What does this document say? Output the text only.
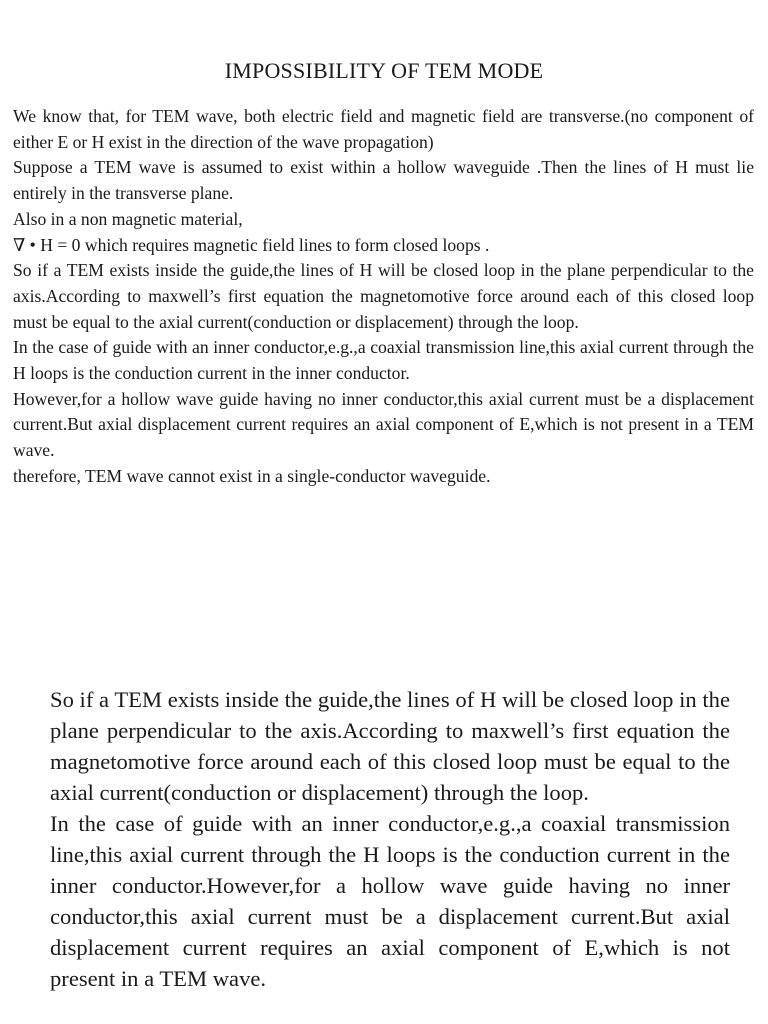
IMPOSSIBILITY OF TEM MODE

We know that, for TEM wave, both electric field and magnetic field are transverse.(no component of either E or H exist in the direction of the wave propagation)

Suppose a TEM wave is assumed to exist within a hollow waveguide .Then the lines of H must lie entirely in the transverse plane.

Also in a non magnetic material,

∇ • H = 0 which requires magnetic field lines to form closed loops .

So if a TEM exists inside the guide,the lines of H will be closed loop in the plane perpendicular to the axis.According to maxwell’s first equation the magnetomotive force around each of this closed loop must be equal to the axial current(conduction or displacement) through the loop.

In the case of guide with an inner conductor,e.g.,a coaxial transmission line,this axial current through the H loops is the conduction current in the inner conductor.

However,for a hollow wave guide having no inner conductor,this axial current must be a displacement current.But axial displacement current requires an axial component of E,which is not present in a TEM wave.

therefore, TEM wave cannot exist in a single-conductor waveguide.

So if a TEM exists inside the guide,the lines of H will be closed loop in the plane perpendicular to the axis.According to maxwell’s first equation the magnetomotive force around each of this closed loop must be equal to the axial current(conduction or displacement) through the loop.

In the case of guide with an inner conductor,e.g.,a coaxial transmission line,this axial current through the H loops is the conduction current in the inner conductor.However,for a hollow wave guide having no inner conductor,this axial current must be a displacement current.But axial displacement current requires an axial component of E,which is not present in a TEM wave.
